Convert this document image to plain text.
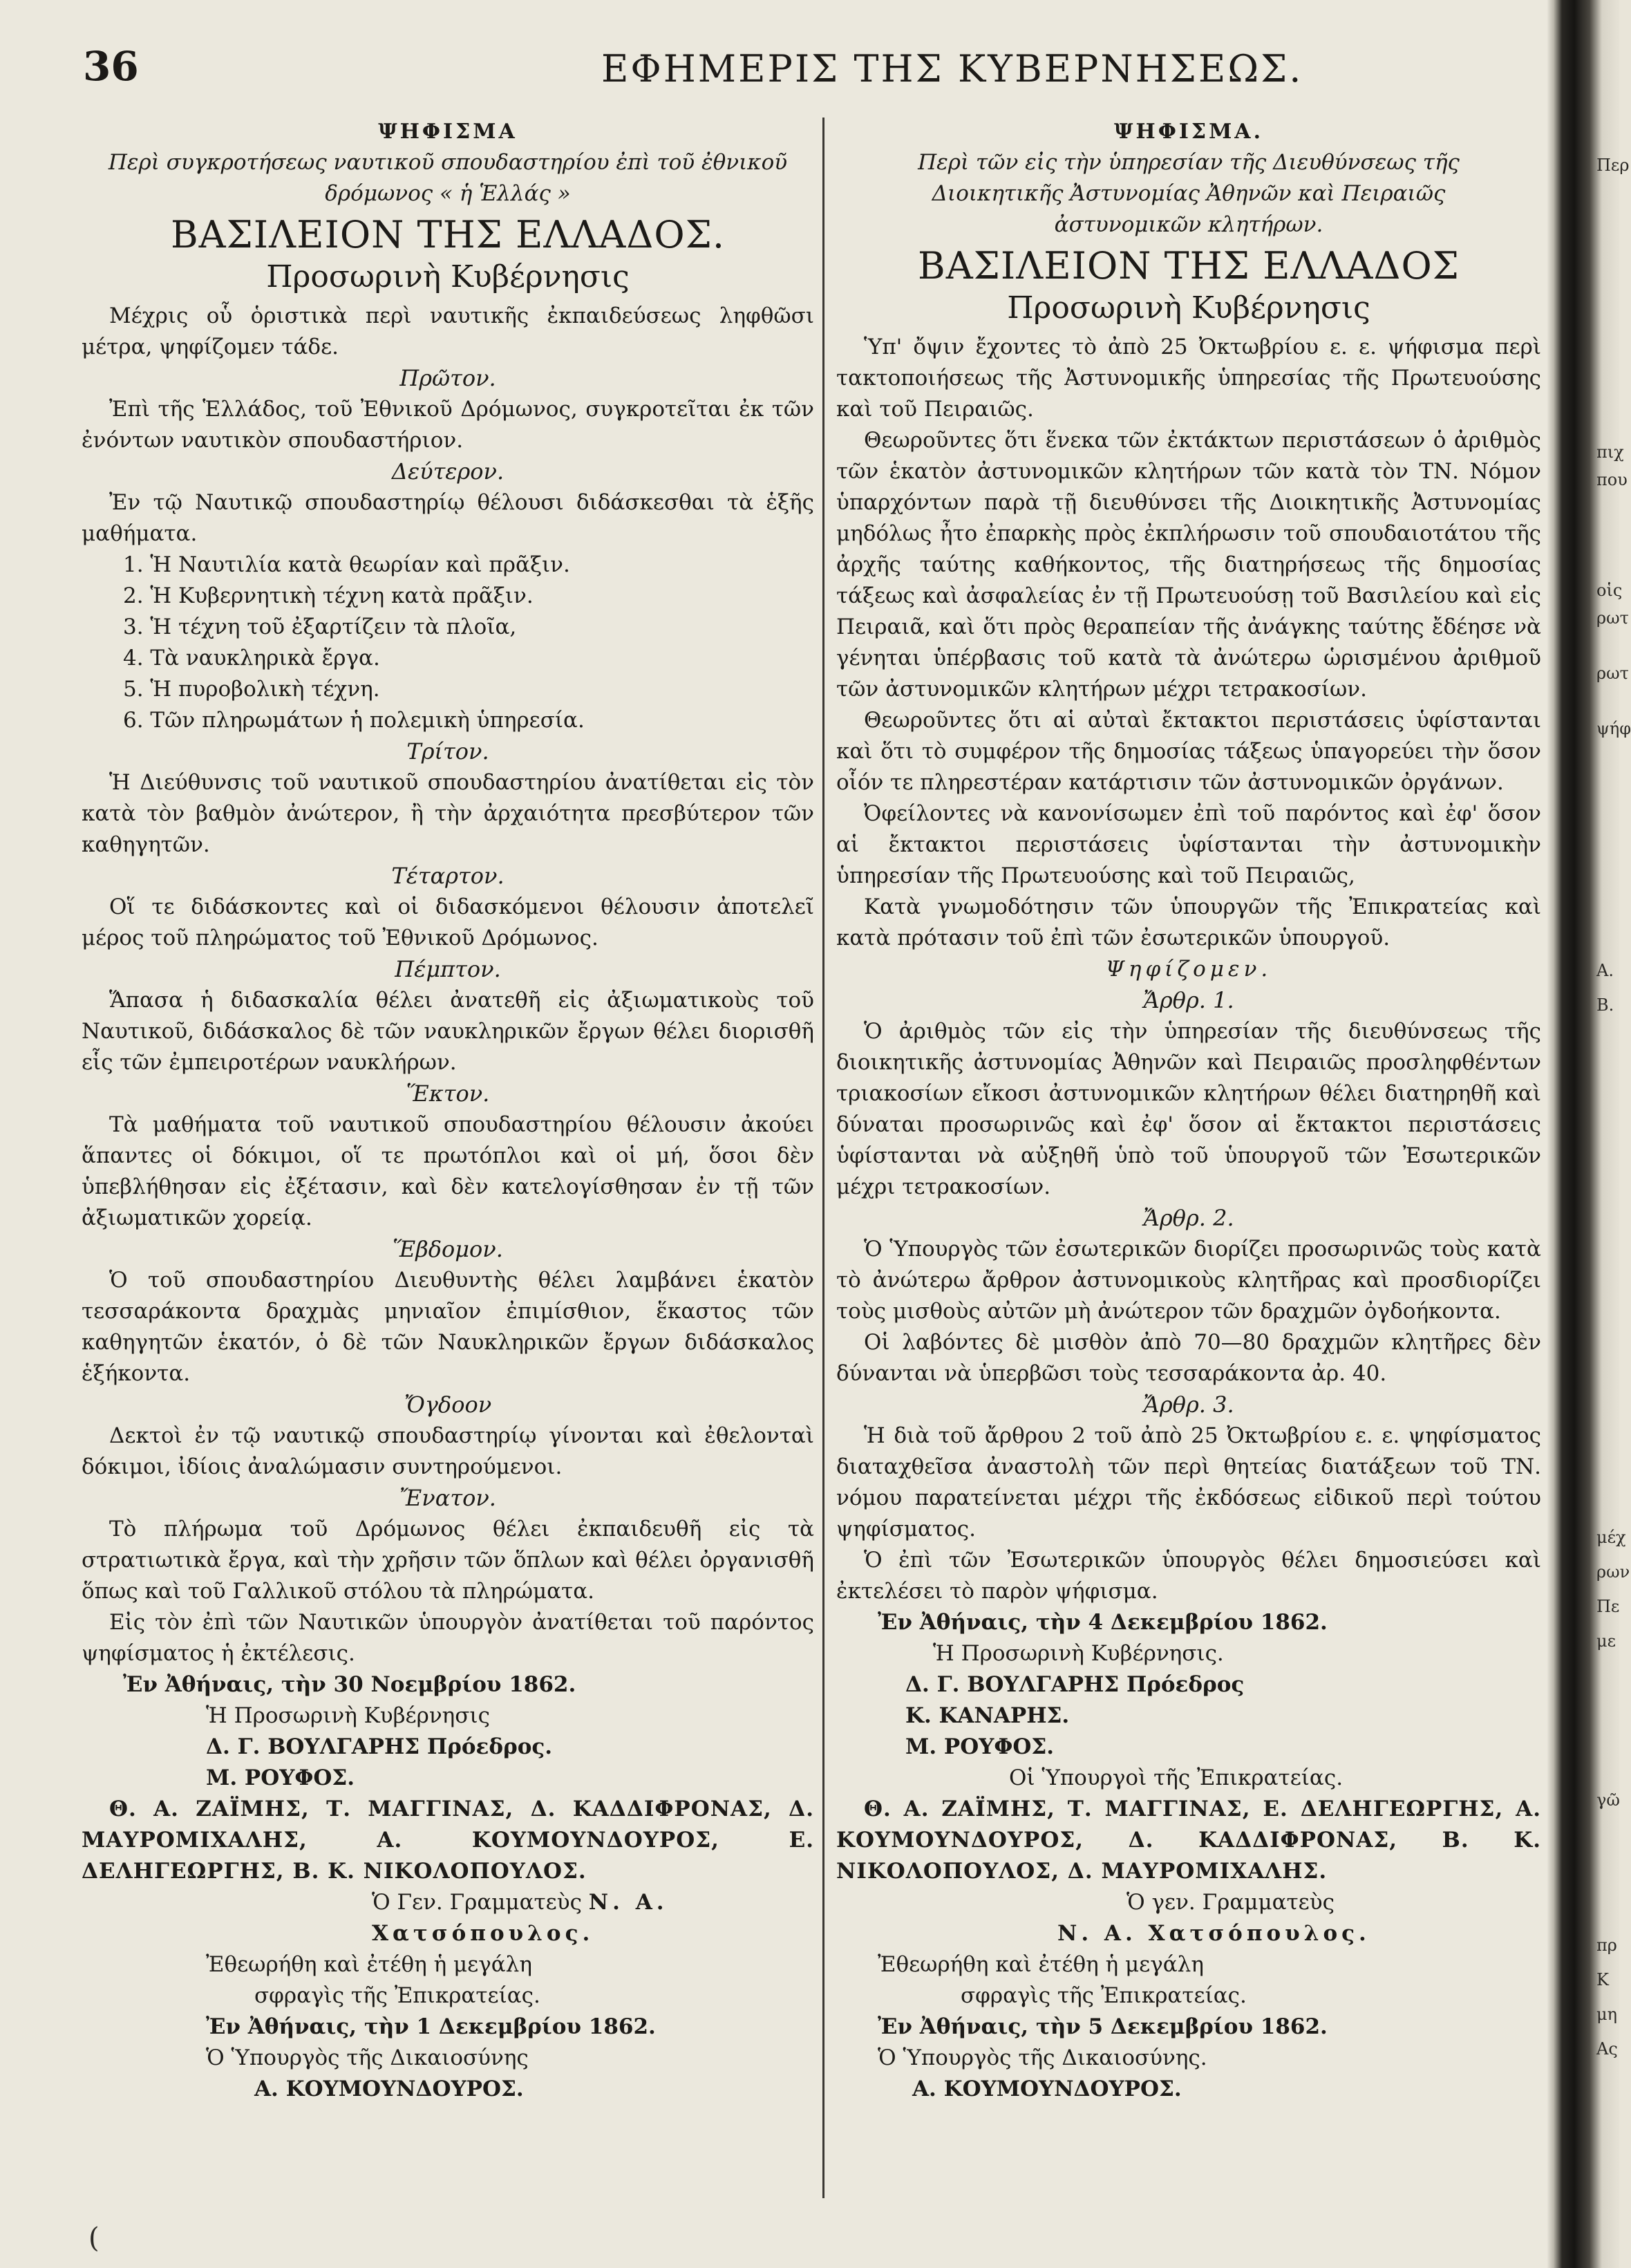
36	ΕΦΗΜΕΡΙΣ ΤΗΣ ΚΥΒΕΡΝΗΣΕΩΣ.
ΨΗΦΙΣΜΑ
Περὶ συγκροτήσεως ναυτικοῦ σπουδαστηρίου ἐπὶ τοῦ ἐθνικοῦ δρόμωνος « ἡ Ἑλλάς »
ΒΑΣΙΛΕΙΟΝ ΤΗΣ ΕΛΛΑΔΟΣ.
Προσωρινὴ Κυβέρνησις

Μέχρις οὗ ὁριστικὰ περὶ ναυτικῆς ἐκπαιδεύσεως ληφθῶσι μέτρα, ψηφίζομεν τάδε.

Πρῶτον.

Ἐπὶ τῆς Ἑλλάδος, τοῦ Ἐθνικοῦ Δρόμωνος, συγκροτεῖται ἐκ τῶν ἐνόντων ναυτικὸν σπουδαστήριον.

Δεύτερον.

Ἐν τῷ Ναυτικῷ σπουδαστηρίῳ θέλουσι διδάσκεσθαι τὰ ἑξῆς μαθήματα.

1. Ἡ Ναυτιλία κατὰ θεωρίαν καὶ πρᾶξιν.
2. Ἡ Κυβερνητικὴ τέχνη κατὰ πρᾶξιν.
3. Ἡ τέχνη τοῦ ἐξαρτίζειν τὰ πλοῖα,
4. Τὰ ναυκληρικὰ ἔργα.
5. Ἡ πυροβολικὴ τέχνη.
6. Τῶν πληρωμάτων ἡ πολεμικὴ ὑπηρεσία.
Τρίτον.

Ἡ Διεύθυνσις τοῦ ναυτικοῦ σπουδαστηρίου ἀνατίθεται εἰς τὸν κατὰ τὸν βαθμὸν ἀνώτερον, ἢ τὴν ἀρχαιότητα πρεσβύτερον τῶν καθηγητῶν.

Τέταρτον.

Οἵ τε διδάσκοντες καὶ οἱ διδασκόμενοι θέλουσιν ἀποτελεῖ μέρος τοῦ πληρώματος τοῦ Ἐθνικοῦ Δρόμωνος.

Πέμπτον.

Ἅπασα ἡ διδασκαλία θέλει ἀνατεθῆ εἰς ἀξιωματικοὺς τοῦ Ναυτικοῦ, διδάσκαλος δὲ τῶν ναυκληρικῶν ἔργων θέλει διορισθῆ εἷς τῶν ἐμπειροτέρων ναυκλήρων.

Ἕκτον.

Τὰ μαθήματα τοῦ ναυτικοῦ σπουδαστηρίου θέλουσιν ἀκούει ἅπαντες οἱ δόκιμοι, οἵ τε πρωτόπλοι καὶ οἱ μή, ὅσοι δὲν ὑπεβλήθησαν εἰς ἐξέτασιν, καὶ δὲν κατελογίσθησαν ἐν τῇ τῶν ἀξιωματικῶν χορείᾳ.

Ἕβδομον.

Ὁ τοῦ σπουδαστηρίου Διευθυντὴς θέλει λαμβάνει ἑκατὸν τεσσαράκοντα δραχμὰς μηνιαῖον ἐπιμίσθιον, ἕκαστος τῶν καθηγητῶν ἑκατόν, ὁ δὲ τῶν Ναυκληρικῶν ἔργων διδάσκαλος ἑξήκοντα.

Ὄγδοον

Δεκτοὶ ἐν τῷ ναυτικῷ σπουδαστηρίῳ γίνονται καὶ ἐθελονταὶ δόκιμοι, ἰδίοις ἀναλώμασιν συντηρούμενοι.

Ἔνατον.

Τὸ πλήρωμα τοῦ Δρόμωνος θέλει ἐκπαιδευθῆ εἰς τὰ στρατιωτικὰ ἔργα, καὶ τὴν χρῆσιν τῶν ὅπλων καὶ θέλει ὀργανισθῆ ὅπως καὶ τοῦ Γαλλικοῦ στόλου τὰ πληρώματα.

Εἰς τὸν ἐπὶ τῶν Ναυτικῶν ὑπουργὸν ἀνατίθεται τοῦ παρόντος ψηφίσματος ἡ ἐκτέλεσις.

Ἐν Ἀθήναις, τὴν 30 Νοεμβρίου 1862.
Ἡ Προσωρινὴ Κυβέρνησις
Δ. Γ. ΒΟΥΛΓΑΡΗΣ Πρόεδρος.
Μ. ΡΟΥΦΟΣ.

Θ. Α. ΖΑΪΜΗΣ, Τ. ΜΑΓΓΙΝΑΣ, Δ. ΚΑΔΔΙΦΡΟΝΑΣ, Δ. ΜΑΥΡΟΜΙΧΑΛΗΣ, Α. ΚΟΥΜΟΥΝΔΟΥΡΟΣ, Ε. ΔΕΛΗΓΕΩΡΓΗΣ, Β. Κ. ΝΙΚΟΛΟΠΟΥΛΟΣ.

Ὁ Γεν. Γραμματεὺς Ν. Α. Χατσόπουλος.
Ἐθεωρήθη καὶ ἐτέθη ἡ μεγάλη
σφραγὶς τῆς Ἐπικρατείας.
Ἐν Ἀθήναις, τὴν 1 Δεκεμβρίου 1862.
Ὁ Ὑπουργὸς τῆς Δικαιοσύνης
Α. ΚΟΥΜΟΥΝΔΟΥΡΟΣ.
ΨΗΦΙΣΜΑ.
Περὶ τῶν εἰς τὴν ὑπηρεσίαν τῆς Διευθύνσεως τῆς Διοικητικῆς Ἀστυνομίας Ἀθηνῶν καὶ Πειραιῶς ἀστυνομικῶν κλητήρων.
ΒΑΣΙΛΕΙΟΝ ΤΗΣ ΕΛΛΑΔΟΣ
Προσωρινὴ Κυβέρνησις

Ὑπ' ὄψιν ἔχοντες τὸ ἀπὸ 25 Ὀκτωβρίου ε. ε. ψήφισμα περὶ τακτοποιήσεως τῆς Ἀστυνομικῆς ὑπηρεσίας τῆς Πρωτευούσης καὶ τοῦ Πειραιῶς.

Θεωροῦντες ὅτι ἕνεκα τῶν ἐκτάκτων περιστάσεων ὁ ἀριθμὸς τῶν ἑκατὸν ἀστυνομικῶν κλητήρων τῶν κατὰ τὸν ΤΝ. Νόμον ὑπαρχόντων παρὰ τῇ διευθύνσει τῆς Διοικητικῆς Ἀστυνομίας μηδόλως ἦτο ἐπαρκὴς πρὸς ἐκπλήρωσιν τοῦ σπουδαιοτάτου τῆς ἀρχῆς ταύτης καθήκοντος, τῆς διατηρήσεως τῆς δημοσίας τάξεως καὶ ἀσφαλείας ἐν τῇ Πρωτευούσῃ τοῦ Βασιλείου καὶ εἰς Πειραιᾶ, καὶ ὅτι πρὸς θεραπείαν τῆς ἀνάγκης ταύτης ἔδέησε νὰ γένηται ὑπέρβασις τοῦ κατὰ τὰ ἀνώτερω ὡρισμένου ἀριθμοῦ τῶν ἀστυνομικῶν κλητήρων μέχρι τετρακοσίων.

Θεωροῦντες ὅτι αἱ αὐταὶ ἔκτακτοι περιστάσεις ὑφίστανται καὶ ὅτι τὸ συμφέρον τῆς δημοσίας τάξεως ὑπαγορεύει τὴν ὅσον οἷόν τε πληρεστέραν κατάρτισιν τῶν ἀστυνομικῶν ὀργάνων.

Ὀφείλοντες νὰ κανονίσωμεν ἐπὶ τοῦ παρόντος καὶ ἐφ' ὅσον αἱ ἔκτακτοι περιστάσεις ὑφίστανται τὴν ἀστυνομικὴν ὑπηρεσίαν τῆς Πρωτευούσης καὶ τοῦ Πειραιῶς,

Κατὰ γνωμοδότησιν τῶν ὑπουργῶν τῆς Ἐπικρατείας καὶ κατὰ πρότασιν τοῦ ἐπὶ τῶν ἐσωτερικῶν ὑπουργοῦ.

Ψηφίζομεν.
Ἄρθρ. 1.

Ὁ ἀριθμὸς τῶν εἰς τὴν ὑπηρεσίαν τῆς διευθύνσεως τῆς διοικητικῆς ἀστυνομίας Ἀθηνῶν καὶ Πειραιῶς προσληφθέντων τριακοσίων εἴκοσι ἀστυνομικῶν κλητήρων θέλει διατηρηθῆ καὶ δύναται προσωρινῶς καὶ ἐφ' ὅσον αἱ ἔκτακτοι περιστάσεις ὑφίστανται νὰ αὐξηθῆ ὑπὸ τοῦ ὑπουργοῦ τῶν Ἐσωτερικῶν μέχρι τετρακοσίων.

Ἄρθρ. 2.

Ὁ Ὑπουργὸς τῶν ἐσωτερικῶν διορίζει προσωρινῶς τοὺς κατὰ τὸ ἀνώτερω ἄρθρον ἀστυνομικοὺς κλητῆρας καὶ προσδιορίζει τοὺς μισθοὺς αὐτῶν μὴ ἀνώτερον τῶν δραχμῶν ὀγδοήκοντα.

Οἱ λαβόντες δὲ μισθὸν ἀπὸ 70—80 δραχμῶν κλητῆρες δὲν δύνανται νὰ ὑπερβῶσι τοὺς τεσσαράκοντα ἀρ. 40.

Ἄρθρ. 3.

Ἡ διὰ τοῦ ἄρθρου 2 τοῦ ἀπὸ 25 Ὀκτωβρίου ε. ε. ψηφίσματος διαταχθεῖσα ἀναστολὴ τῶν περὶ θητείας διατάξεων τοῦ ΤΝ. νόμου παρατείνεται μέχρι τῆς ἐκδόσεως εἰδικοῦ περὶ τούτου ψηφίσματος.

Ὁ ἐπὶ τῶν Ἐσωτερικῶν ὑπουργὸς θέλει δημοσιεύσει καὶ ἐκτελέσει τὸ παρὸν ψήφισμα.

Ἐν Ἀθήναις, τὴν 4 Δεκεμβρίου 1862.
Ἡ Προσωρινὴ Κυβέρνησις.
Δ. Γ. ΒΟΥΛΓΑΡΗΣ Πρόεδρος
Κ. ΚΑΝΑΡΗΣ.
Μ. ΡΟΥΦΟΣ.
Οἱ Ὑπουργοὶ τῆς Ἐπικρατείας.

Θ. Α. ΖΑΪΜΗΣ, Τ. ΜΑΓΓΙΝΑΣ, Ε. ΔΕΛΗΓΕΩΡΓΗΣ, Α. ΚΟΥΜΟΥΝΔΟΥΡΟΣ, Δ. ΚΑΔΔΙΦΡΟΝΑΣ, Β. Κ. ΝΙΚΟΛΟΠΟΥΛΟΣ, Δ. ΜΑΥΡΟΜΙΧΑΛΗΣ.

Ὁ γεν. Γραμματεὺς
Ν. Α. Χατσόπουλος.
Ἐθεωρήθη καὶ ἐτέθη ἡ μεγάλη
σφραγὶς τῆς Ἐπικρατείας.
Ἐν Ἀθήναις, τὴν 5 Δεκεμβρίου 1862.
Ὁ Ὑπουργὸς τῆς Δικαιοσύνης.
Α. ΚΟΥΜΟΥΝΔΟΥΡΟΣ.
Περ
πιχ
που
οἱς
ρωτ
ρωτ
ψήφ
Α.
Β.
μέχ
ρων
Πε
με
γῶ
πρ
Κ
μη
Ας
(
